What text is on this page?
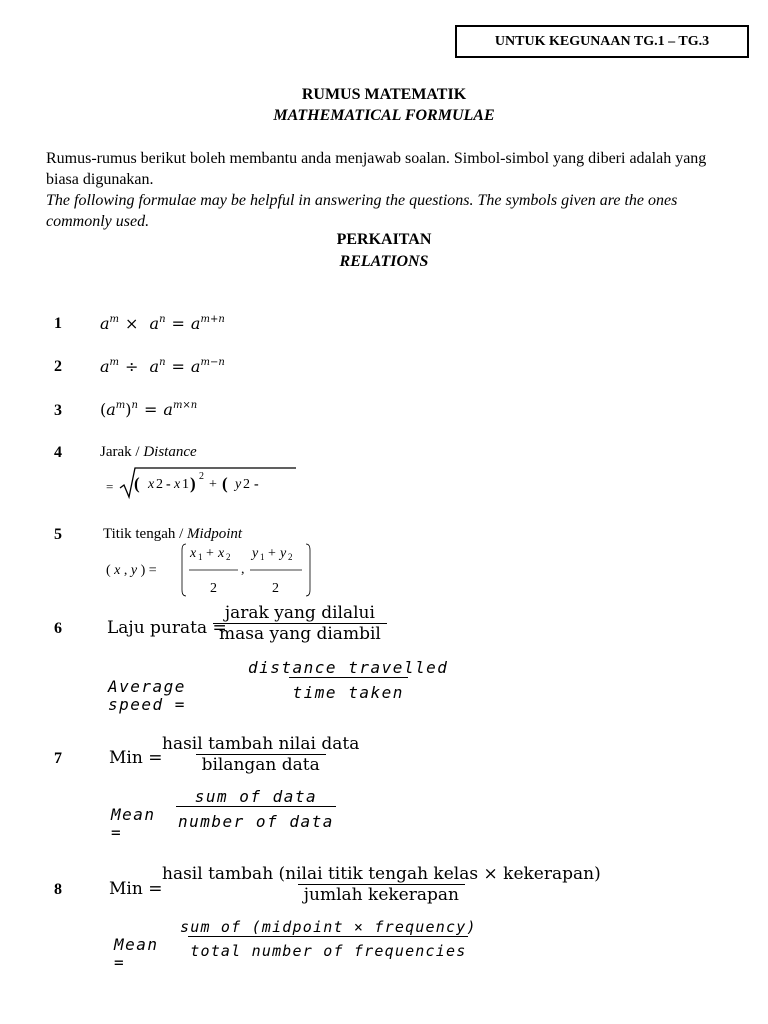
UNTUK KEGUNAAN TG.1 – TG.3
RUMUS MATEMATIK
MATHEMATICAL FORMULAE
Rumus-rumus berikut boleh membantu anda menjawab soalan. Simbol-simbol yang diberi adalah yang biasa digunakan.
The following formulae may be helpful in answering the questions. The symbols given are the ones commonly used.
PERKAITAN
RELATIONS
1 $a^m \times a^n = a^{m+n}$
2 $a^m \div a^n = a^{m-n}$
3 $(a^m)^n = a^{m\times n}$
4	Jarak / Distance
= ( x 2 - x 1 ) 2
+ ( y 2 -
5	Titik tengah / Midpoint
( x , y ) =
x 1 + x 2
2
,
y 1 + y 2
2
6	Laju purata =
jarak yang dilalui
masa yang diambil
Average
speed =
distance travelled
time taken
7	Min =
hasil tambah nilai data
bilangan data
Mean
=
sum of data
number of data
8	Min =
hasil tambah (nilai titik tengah kelas × kekerapan)
jumlah kekerapan
Mean
=
sum of (midpoint × frequency)
total number of frequencies
